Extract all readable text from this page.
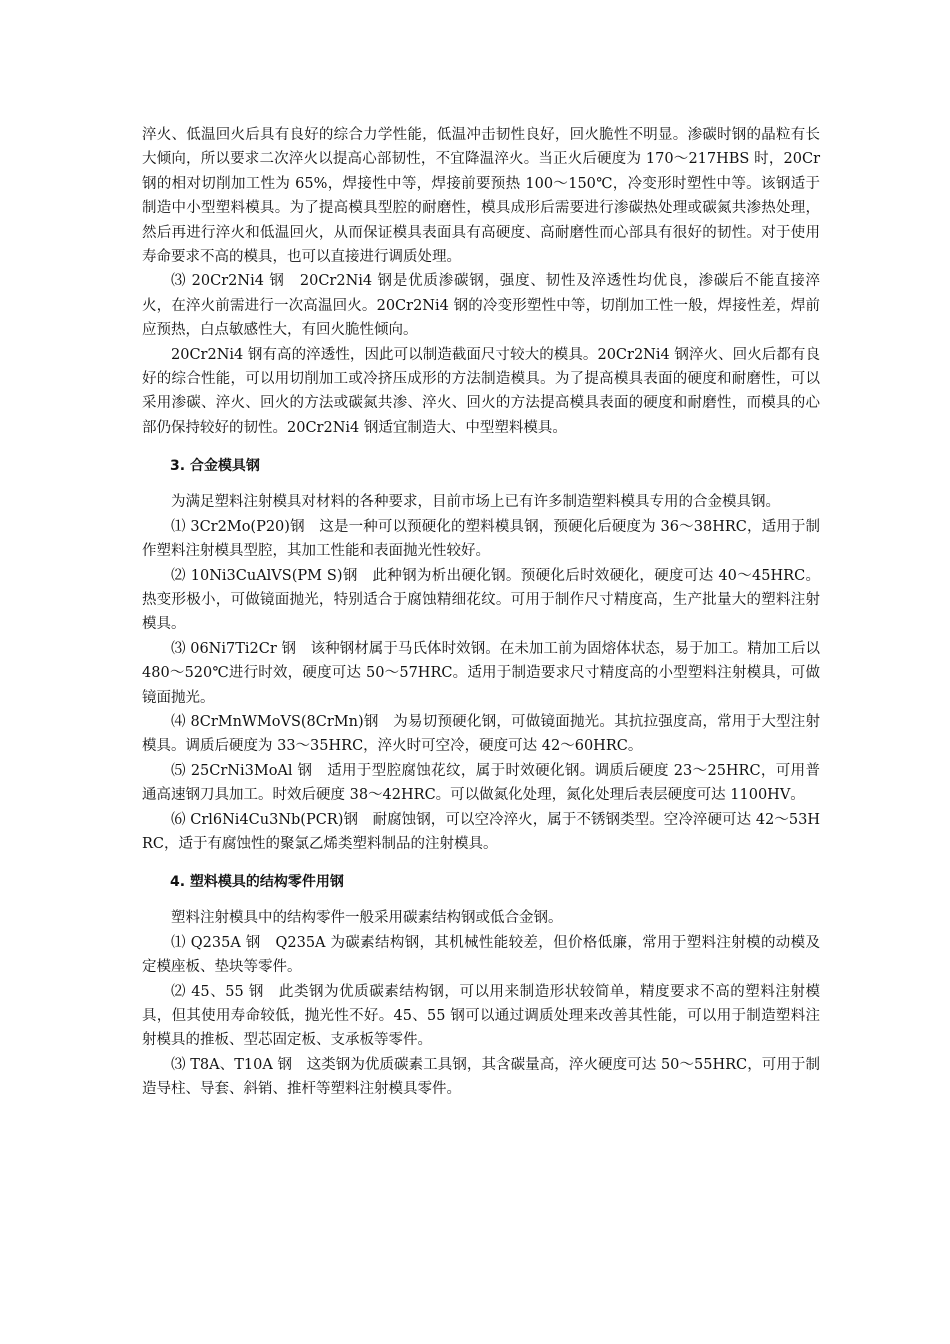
淬火、低温回火后具有良好的综合力学性能，低温冲击韧性良好，回火脆性不明显。渗碳时钢的晶粒有长大倾向，所以要求二次淬火以提高心部韧性，不宜降温淬火。当正火后硬度为 170～217HBS 时，20Cr 钢的相对切削加工性为 65%，焊接性中等，焊接前要预热 100～150℃，冷变形时塑性中等。该钢适于制造中小型塑料模具。为了提高模具型腔的耐磨性，模具成形后需要进行渗碳热处理或碳氮共渗热处理，然后再进行淬火和低温回火，从而保证模具表面具有高硬度、高耐磨性而心部具有很好的韧性。对于使用寿命要求不高的模具，也可以直接进行调质处理。

⑶ 20Cr2Ni4 钢　20Cr2Ni4 钢是优质渗碳钢，强度、韧性及淬透性均优良，渗碳后不能直接淬火，在淬火前需进行一次高温回火。20Cr2Ni4 钢的冷变形塑性中等，切削加工性一般，焊接性差，焊前应预热，白点敏感性大，有回火脆性倾向。

20Cr2Ni4 钢有高的淬透性，因此可以制造截面尺寸较大的模具。20Cr2Ni4 钢淬火、回火后都有良好的综合性能，可以用切削加工或冷挤压成形的方法制造模具。为了提高模具表面的硬度和耐磨性，可以采用渗碳、淬火、回火的方法或碳氮共渗、淬火、回火的方法提高模具表面的硬度和耐磨性，而模具的心部仍保持较好的韧性。20Cr2Ni4 钢适宜制造大、中型塑料模具。

3. 合金模具钢

为满足塑料注射模具对材料的各种要求，目前市场上已有许多制造塑料模具专用的合金模具钢。

⑴ 3Cr2Mo(P20)钢　这是一种可以预硬化的塑料模具钢，预硬化后硬度为 36～38HRC，适用于制作塑料注射模具型腔，其加工性能和表面抛光性较好。

⑵ 10Ni3CuAlVS(PM S)钢　此种钢为析出硬化钢。预硬化后时效硬化，硬度可达 40～45HRC。热变形极小，可做镜面抛光，特别适合于腐蚀精细花纹。可用于制作尺寸精度高，生产批量大的塑料注射模具。

⑶ 06Ni7Ti2Cr 钢　该种钢材属于马氏体时效钢。在未加工前为固熔体状态，易于加工。精加工后以 480～520℃进行时效，硬度可达 50～57HRC。适用于制造要求尺寸精度高的小型塑料注射模具，可做镜面抛光。

⑷ 8CrMnWMoVS(8CrMn)钢　为易切预硬化钢，可做镜面抛光。其抗拉强度高，常用于大型注射模具。调质后硬度为 33～35HRC，淬火时可空冷，硬度可达 42～60HRC。

⑸ 25CrNi3MoAl 钢　适用于型腔腐蚀花纹，属于时效硬化钢。调质后硬度 23～25HRC，可用普通高速钢刀具加工。时效后硬度 38～42HRC。可以做氮化处理，氮化处理后表层硬度可达 1100HV。

⑹ Crl6Ni4Cu3Nb(PCR)钢　耐腐蚀钢，可以空冷淬火，属于不锈钢类型。空冷淬硬可达 42～53HRC，适于有腐蚀性的聚氯乙烯类塑料制品的注射模具。

4. 塑料模具的结构零件用钢

塑料注射模具中的结构零件一般采用碳素结构钢或低合金钢。

⑴ Q235A 钢　Q235A 为碳素结构钢，其机械性能较差，但价格低廉，常用于塑料注射模的动模及定模座板、垫块等零件。

⑵ 45、55 钢　此类钢为优质碳素结构钢，可以用来制造形状较简单，精度要求不高的塑料注射模具，但其使用寿命较低，抛光性不好。45、55 钢可以通过调质处理来改善其性能，可以用于制造塑料注射模具的推板、型芯固定板、支承板等零件。

⑶ T8A、T10A 钢　这类钢为优质碳素工具钢，其含碳量高，淬火硬度可达 50～55HRC，可用于制造导柱、导套、斜销、推杆等塑料注射模具零件。
